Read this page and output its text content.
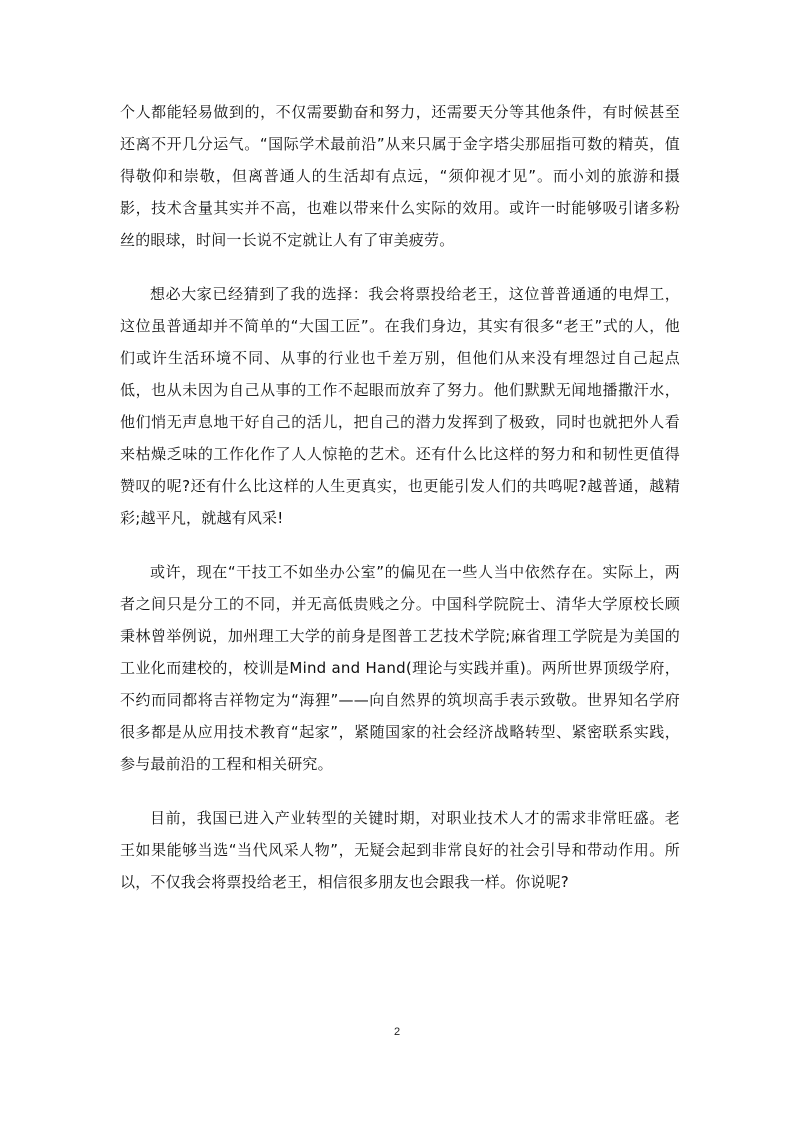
个人都能轻易做到的，不仅需要勤奋和努力，还需要天分等其他条件，有时候甚至还离不开几分运气。“国际学术最前沿”从来只属于金字塔尖那屈指可数的精英，值得敬仰和崇敬，但离普通人的生活却有点远，“须仰视才见”。而小刘的旅游和摄影，技术含量其实并不高，也难以带来什么实际的效用。或许一时能够吸引诸多粉丝的眼球，时间一长说不定就让人有了审美疲劳。

想必大家已经猜到了我的选择：我会将票投给老王，这位普普通通的电焊工，这位虽普通却并不简单的“大国工匠”。在我们身边，其实有很多“老王”式的人，他们或许生活环境不同、从事的行业也千差万别，但他们从来没有埋怨过自己起点低，也从未因为自己从事的工作不起眼而放弃了努力。他们默默无闻地播撒汗水，他们悄无声息地干好自己的活儿，把自己的潜力发挥到了极致，同时也就把外人看来枯燥乏味的工作化作了人人惊艳的艺术。还有什么比这样的努力和和韧性更值得赞叹的呢?还有什么比这样的人生更真实，也更能引发人们的共鸣呢?越普通，越精彩;越平凡，就越有风采!

或许，现在“干技工不如坐办公室”的偏见在一些人当中依然存在。实际上，两者之间只是分工的不同，并无高低贵贱之分。中国科学院院士、清华大学原校长顾秉林曾举例说，加州理工大学的前身是图普工艺技术学院;麻省理工学院是为美国的工业化而建校的，校训是Mind and Hand(理论与实践并重)。两所世界顶级学府，不约而同都将吉祥物定为“海狸”——向自然界的筑坝高手表示致敬。世界知名学府很多都是从应用技术教育“起家”，紧随国家的社会经济战略转型、紧密联系实践，参与最前沿的工程和相关研究。

目前，我国已进入产业转型的关键时期，对职业技术人才的需求非常旺盛。老王如果能够当选“当代风采人物”，无疑会起到非常良好的社会引导和带动作用。所以，不仅我会将票投给老王，相信很多朋友也会跟我一样。你说呢?

2
